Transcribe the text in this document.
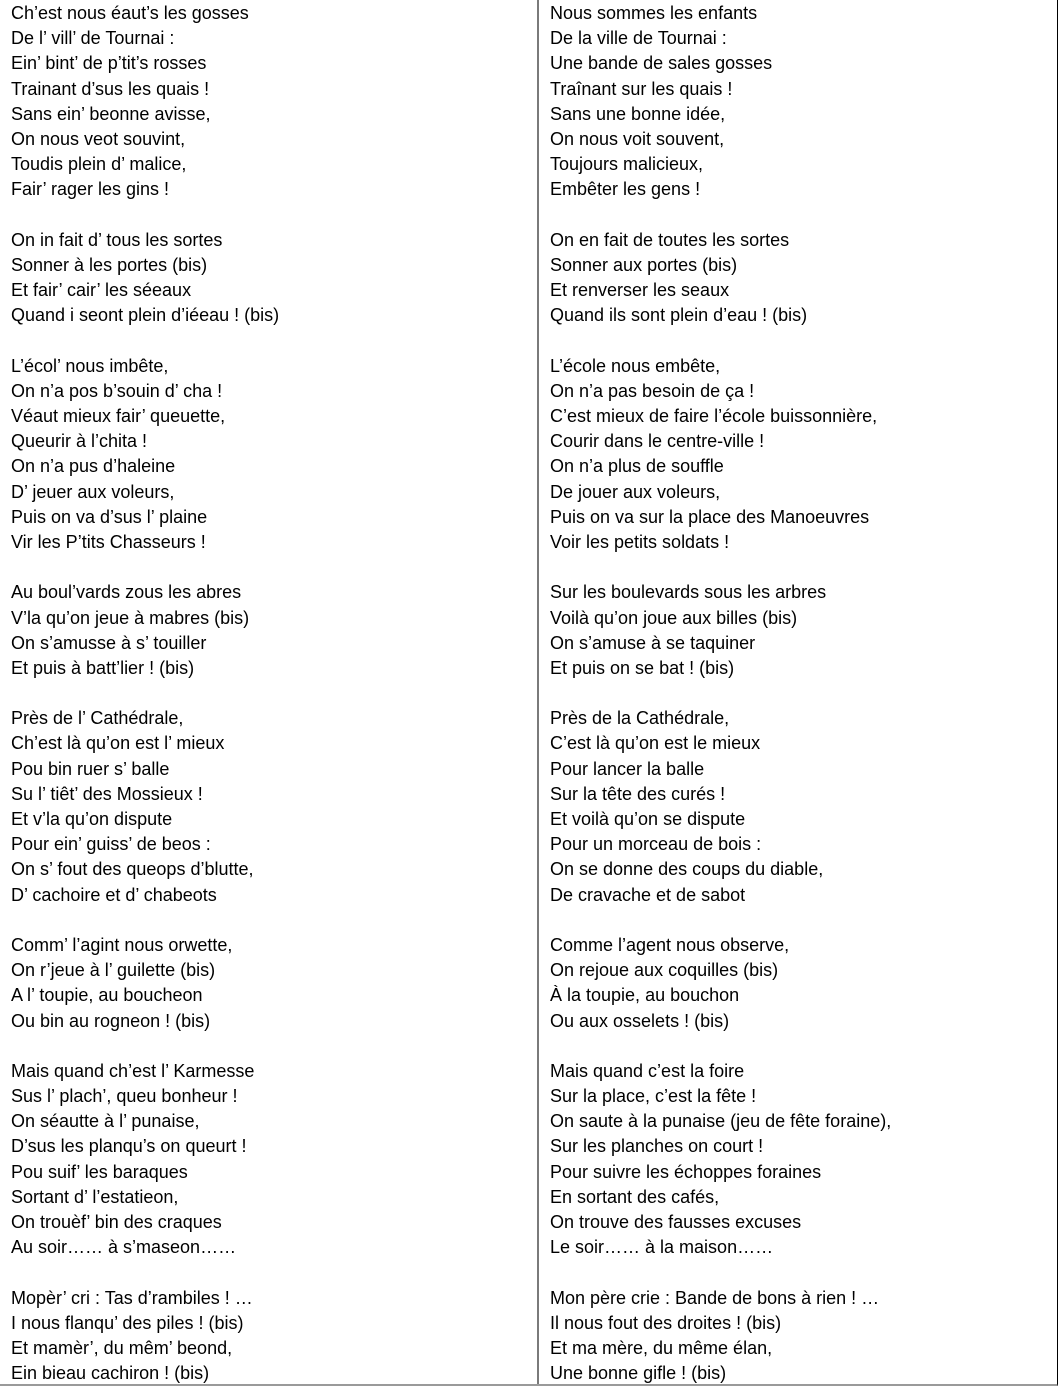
Ch’est nous éaut’s les gosses
De l’ vill’ de Tournai :
Ein’ bint’ de p’tit’s rosses
Trainant d’sus les quais !
Sans ein’ beonne avisse,
On nous veot souvint,
Toudis plein d’ malice,
Fair’ rager les gins !
On in fait d’ tous les sortes
Sonner à les portes (bis)
Et fair’ cair’ les séeaux
Quand i seont plein d’iéeau ! (bis)
L’écol’ nous imbête,
On n’a pos b’souin d’ cha !
Véaut mieux fair’ queuette,
Queurir à l’chita !
On n’a pus d’haleine
D’ jeuer aux voleurs,
Puis on va d’sus l’ plaine
Vir les P’tits Chasseurs !
Au boul’vards zous les abres
V’la qu’on jeue à mabres (bis)
On s’amusse à s’ touiller
Et puis à batt’lier ! (bis)
Près de l’ Cathédrale,
Ch’est là qu’on est l’ mieux
Pou bin ruer s’ balle
Su l’ tiêt’ des Mossieux !
Et v’la qu’on dispute
Pour ein’ guiss’ de beos :
On s’ fout des queops d’blutte,
D’ cachoire et d’ chabeots
Comm’ l’agint nous orwette,
On r’jeue à l’ guilette (bis)
A l’ toupie, au boucheon
Ou bin au rogneon ! (bis)
Mais quand ch’est l’ Karmesse
Sus l’ plach’, queu bonheur !
On séautte à l’ punaise,
D’sus les planqu’s on queurt !
Pou suif’ les baraques
Sortant d’ l’estatieon,
On trouèf’ bin des craques
Au soir…… à s’maseon……
Mopèr’ cri : Tas d’rambiles ! …
I nous flanqu’ des piles ! (bis)
Et mamèr’, du mêm’ beond,
Ein bieau cachiron ! (bis)
Nous sommes les enfants
De la ville de Tournai :
Une bande de sales gosses
Traînant sur les quais !
Sans une bonne idée,
On nous voit souvent,
Toujours malicieux,
Embêter les gens !
On en fait de toutes les sortes
Sonner aux portes (bis)
Et renverser les seaux
Quand ils sont plein d’eau ! (bis)
L’école nous embête,
On n’a pas besoin de ça !
C’est mieux de faire l’école buissonnière,
Courir dans le centre-ville !
On n’a plus de souffle
De jouer aux voleurs,
Puis on va sur la place des Manoeuvres
Voir les petits soldats !
Sur les boulevards sous les arbres
Voilà qu’on joue aux billes (bis)
On s’amuse à se taquiner
Et puis on se bat ! (bis)
Près de la Cathédrale,
C’est là qu’on est le mieux
Pour lancer la balle
Sur la tête des curés !
Et voilà qu’on se dispute
Pour un morceau de bois :
On se donne des coups du diable,
De cravache et de sabot
Comme l’agent nous observe,
On rejoue aux coquilles (bis)
À la toupie, au bouchon
Ou aux osselets ! (bis)
Mais quand c’est la foire
Sur la place, c’est la fête !
On saute à la punaise (jeu de fête foraine),
Sur les planches on court !
Pour suivre les échoppes foraines
En sortant des cafés,
On trouve des fausses excuses
Le soir…… à la maison……
Mon père crie : Bande de bons à rien ! …
Il nous fout des droites ! (bis)
Et ma mère, du même élan,
Une bonne gifle ! (bis)
